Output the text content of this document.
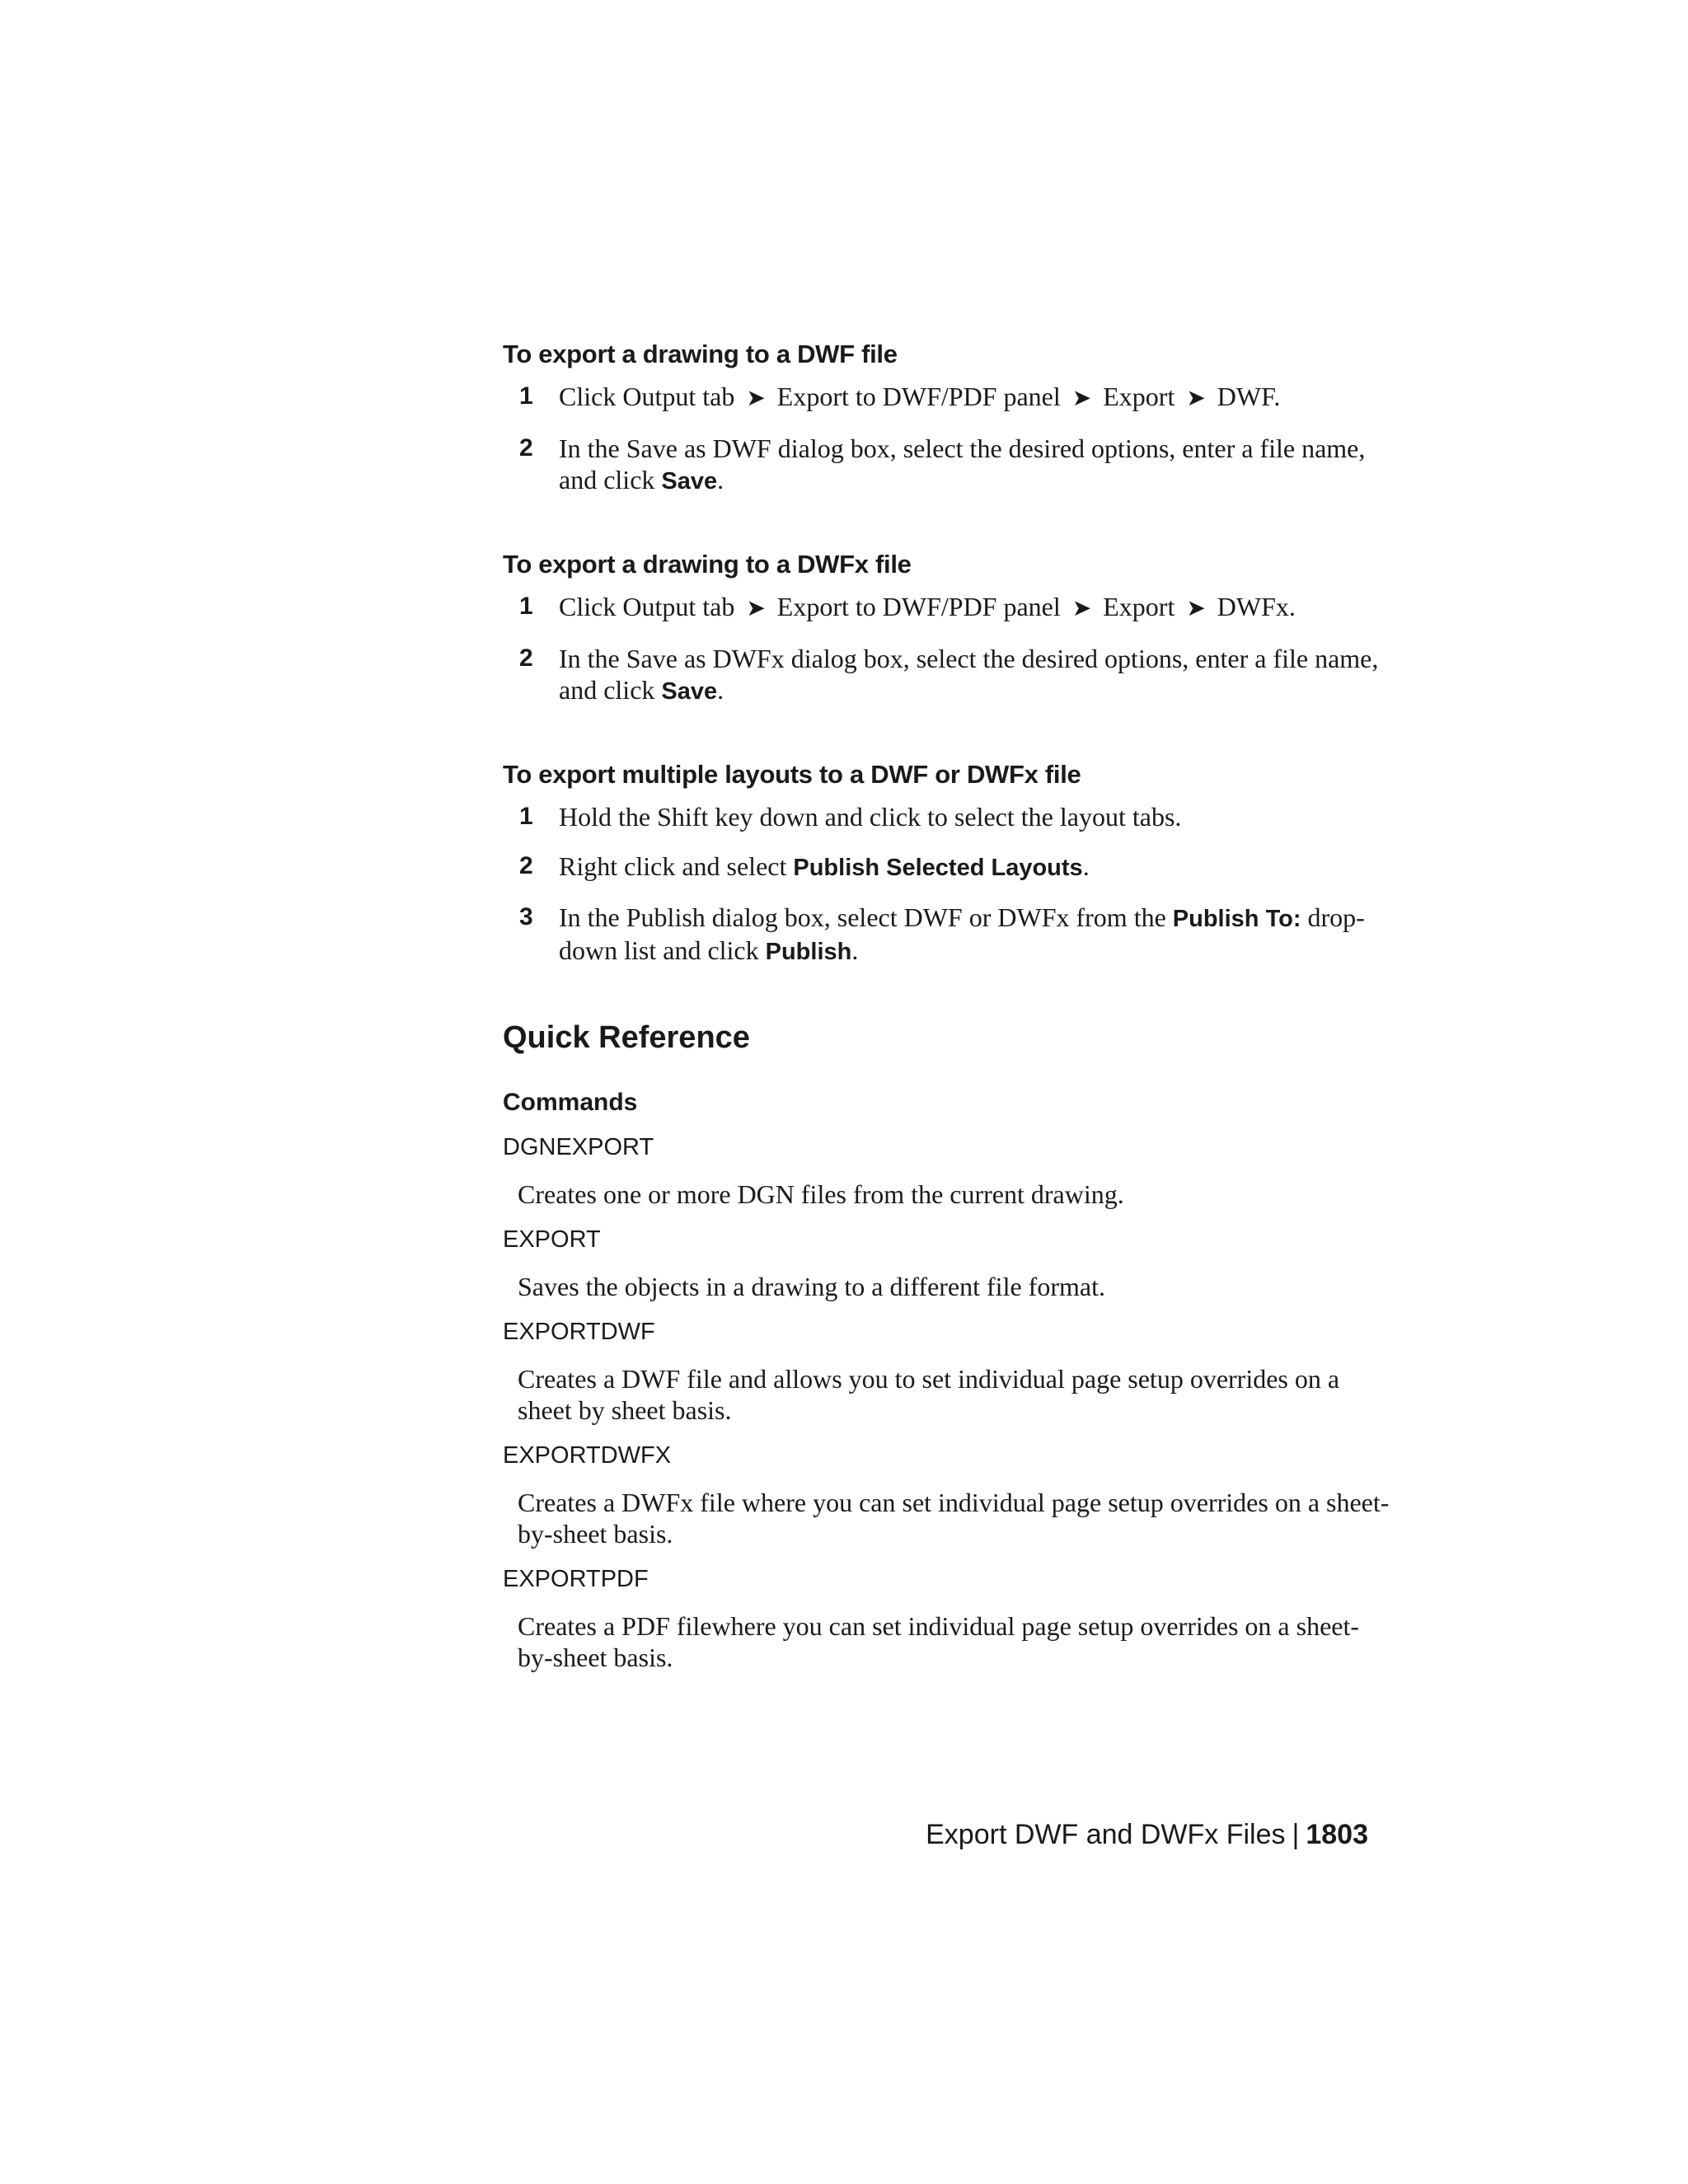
To export a drawing to a DWF file
1 Click Output tab ➤ Export to DWF/PDF panel ➤ Export ➤ DWF.
2 In the Save as DWF dialog box, select the desired options, enter a file name, and click Save.
To export a drawing to a DWFx file
1 Click Output tab ➤ Export to DWF/PDF panel ➤ Export ➤ DWFx.
2 In the Save as DWFx dialog box, select the desired options, enter a file name, and click Save.
To export multiple layouts to a DWF or DWFx file
1 Hold the Shift key down and click to select the layout tabs.
2 Right click and select Publish Selected Layouts.
3 In the Publish dialog box, select DWF or DWFx from the Publish To: drop-down list and click Publish.
Quick Reference
Commands
DGNEXPORT
Creates one or more DGN files from the current drawing.
EXPORT
Saves the objects in a drawing to a different file format.
EXPORTDWF
Creates a DWF file and allows you to set individual page setup overrides on a sheet by sheet basis.
EXPORTDWFX
Creates a DWFx file where you can set individual page setup overrides on a sheet-by-sheet basis.
EXPORTPDF
Creates a PDF filewhere you can set individual page setup overrides on a sheet-by-sheet basis.
Export DWF and DWFx Files | 1803
